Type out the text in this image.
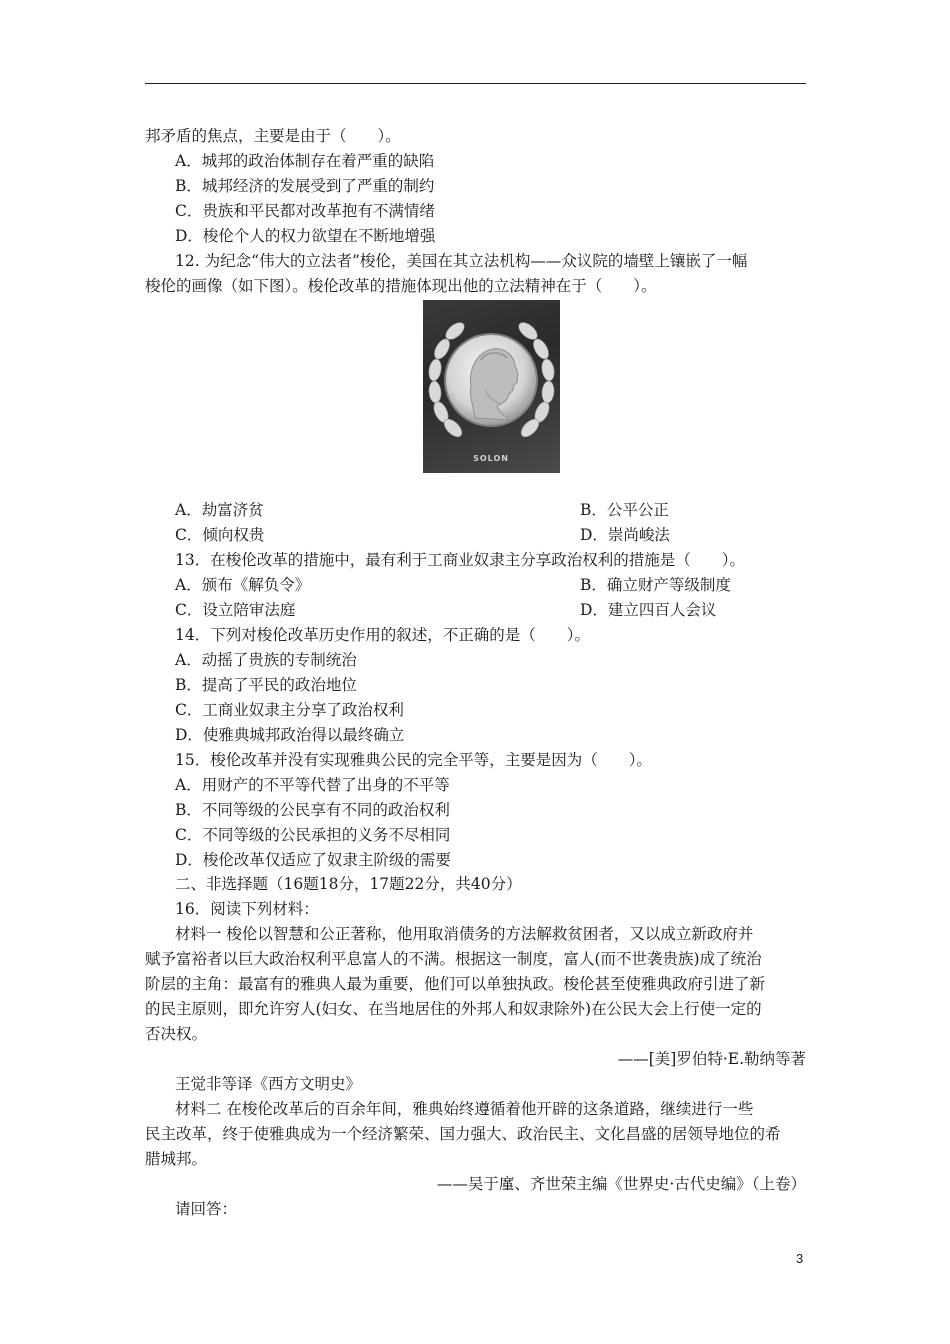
邦矛盾的焦点，主要是由于（　　）。
A．城邦的政治体制存在着严重的缺陷
B．城邦经济的发展受到了严重的制约
C．贵族和平民都对改革抱有不满情绪
D．梭伦个人的权力欲望在不断地增强
12. 为纪念“伟大的立法者”梭伦，美国在其立法机构——众议院的墙壁上镶嵌了一幅
梭伦的画像（如下图）。梭伦改革的措施体现出他的立法精神在于（　　）。
SOLON
A．劫富济贫	B．公平公正
C．倾向权贵	D．崇尚峻法
13．在梭伦改革的措施中，最有利于工商业奴隶主分享政治权利的措施是（　　）。
A．颁布《解负令》	B．确立财产等级制度
C．设立陪审法庭	D．建立四百人会议
14．下列对梭伦改革历史作用的叙述，不正确的是（　　）。
A．动摇了贵族的专制统治
B．提高了平民的政治地位
C．工商业奴隶主分享了政治权利
D．使雅典城邦政治得以最终确立
15．梭伦改革并没有实现雅典公民的完全平等，主要是因为（　　）。
A．用财产的不平等代替了出身的不平等
B．不同等级的公民享有不同的政治权利
C．不同等级的公民承担的义务不尽相同
D．梭伦改革仅适应了奴隶主阶级的需要
二、非选择题（16题18分，17题22分，共40分）
16．阅读下列材料：
材料一 梭伦以智慧和公正著称，他用取消债务的方法解救贫困者，又以成立新政府并
赋予富裕者以巨大政治权利平息富人的不满。根据这一制度，富人(而不世袭贵族)成了统治
阶层的主角：最富有的雅典人最为重要，他们可以单独执政。梭伦甚至使雅典政府引进了新
的民主原则，即允许穷人(妇女、在当地居住的外邦人和奴隶除外)在公民大会上行使一定的
否决权。
——[美]罗伯特·E.勒纳等著
王觉非等译《西方文明史》
材料二 在梭伦改革后的百余年间，雅典始终遵循着他开辟的这条道路，继续进行一些
民主改革，终于使雅典成为一个经济繁荣、国力强大、政治民主、文化昌盛的居领导地位的希
腊城邦。
——吴于廑、齐世荣主编《世界史·古代史编》（上卷）
请回答：
3
